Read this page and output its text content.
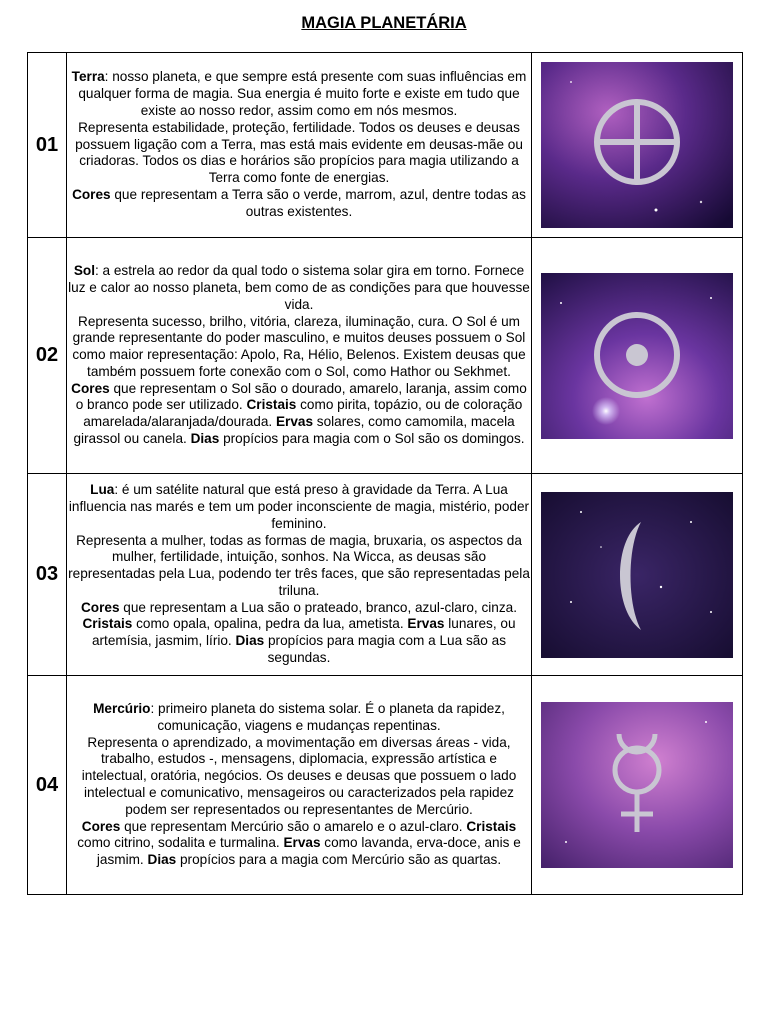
MAGIA PLANETÁRIA
01	Terra: nosso planeta, e que sempre está presente com suas influências em qualquer forma de magia. Sua energia é muito forte e existe em tudo que existe ao nosso redor, assim como em nós mesmos.
Representa estabilidade, proteção, fertilidade. Todos os deuses e deusas possuem ligação com a Terra, mas está mais evidente em deusas-mãe ou criadoras. Todos os dias e horários são propícios para magia utilizando a Terra como fonte de energias.
Cores que representam a Terra são o verde, marrom, azul, dentre todas as outras existentes.

02	Sol: a estrela ao redor da qual todo o sistema solar gira em torno. Fornece luz e calor ao nosso planeta, bem como de as condições para que houvesse vida.
Representa sucesso, brilho, vitória, clareza, iluminação, cura. O Sol é um grande representante do poder masculino, e muitos deuses possuem o Sol como maior representação: Apolo, Ra, Hélio, Belenos. Existem deusas que também possuem forte conexão com o Sol, como Hathor ou Sekhmet.
Cores que representam o Sol são o dourado, amarelo, laranja, assim como o branco pode ser utilizado. Cristais como pirita, topázio, ou de coloração amarelada/alaranjada/dourada. Ervas solares, como camomila, macela girassol ou canela. Dias propícios para magia com o Sol são os domingos.

03	Lua: é um satélite natural que está preso à gravidade da Terra. A Lua influencia nas marés e tem um poder inconsciente de magia, mistério, poder feminino.
Representa a mulher, todas as formas de magia, bruxaria, os aspectos da mulher, fertilidade, intuição, sonhos. Na Wicca, as deusas são representadas pela Lua, podendo ter três faces, que são representadas pela triluna.
Cores que representam a Lua são o prateado, branco, azul-claro, cinza. Cristais como opala, opalina, pedra da lua, ametista. Ervas lunares, ou artemísia, jasmim, lírio. Dias propícios para magia com a Lua são as segundas.

04	Mercúrio: primeiro planeta do sistema solar. É o planeta da rapidez, comunicação, viagens e mudanças repentinas.
Representa o aprendizado, a movimentação em diversas áreas - vida, trabalho, estudos -, mensagens, diplomacia, expressão artística e intelectual, oratória, negócios. Os deuses e deusas que possuem o lado intelectual e comunicativo, mensageiros ou caracterizados pela rapidez podem ser representados ou representantes de Mercúrio.
Cores que representam Mercúrio são o amarelo e o azul-claro. Cristais como citrino, sodalita e turmalina. Ervas como lavanda, erva-doce, anis e jasmim. Dias propícios para a magia com Mercúrio são as quartas.
